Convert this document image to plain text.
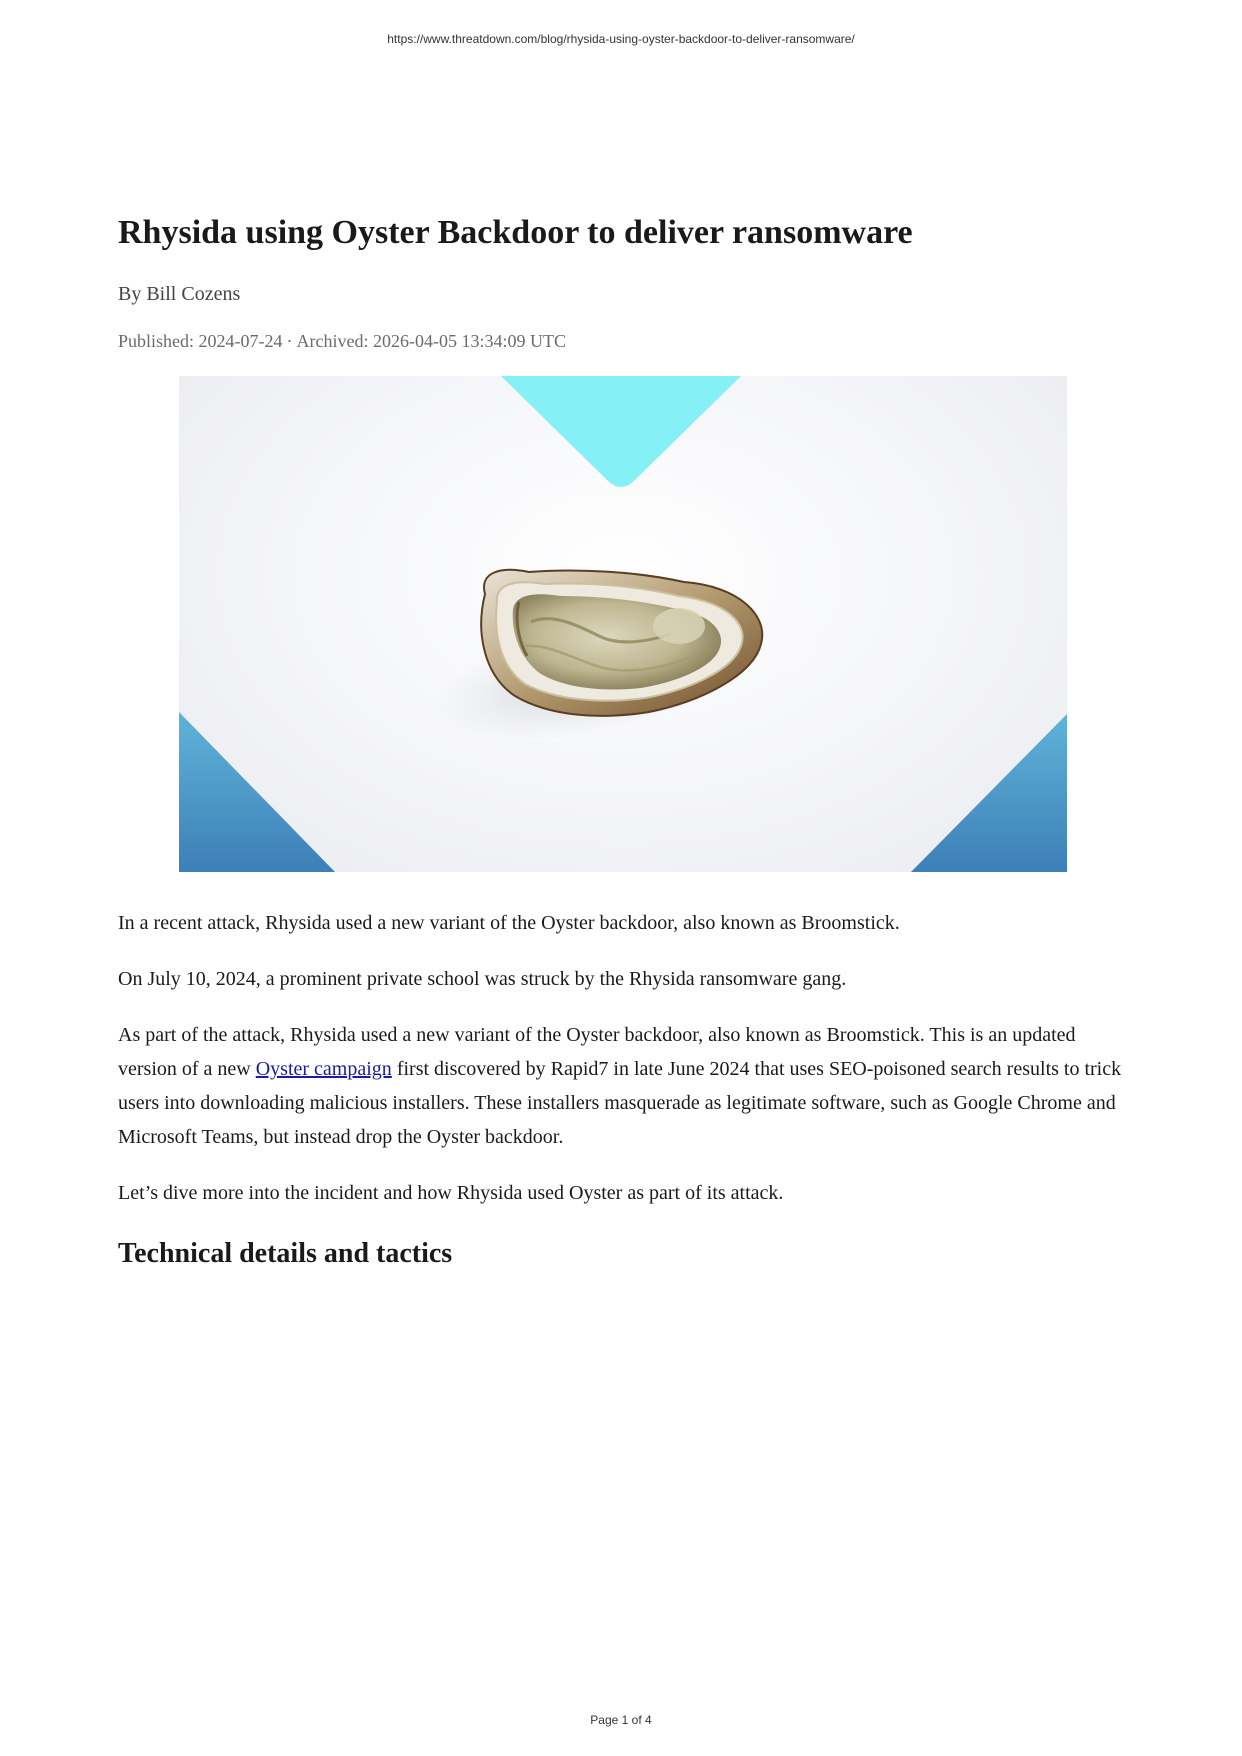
https://www.threatdown.com/blog/rhysida-using-oyster-backdoor-to-deliver-ransomware/
Rhysida using Oyster Backdoor to deliver ransomware
By Bill Cozens
Published: 2024-07-24 · Archived: 2026-04-05 13:34:09 UTC

In a recent attack, Rhysida used a new variant of the Oyster backdoor, also known as Broomstick.

On July 10, 2024, a prominent private school was struck by the Rhysida ransomware gang.

As part of the attack, Rhysida used a new variant of the Oyster backdoor, also known as Broomstick. This is an updated version of a new Oyster campaign first discovered by Rapid7 in late June 2024 that uses SEO-poisoned search results to trick users into downloading malicious installers. These installers masquerade as legitimate software, such as Google Chrome and Microsoft Teams, but instead drop the Oyster backdoor.

Let’s dive more into the incident and how Rhysida used Oyster as part of its attack.

Technical details and tactics
Page 1 of 4
